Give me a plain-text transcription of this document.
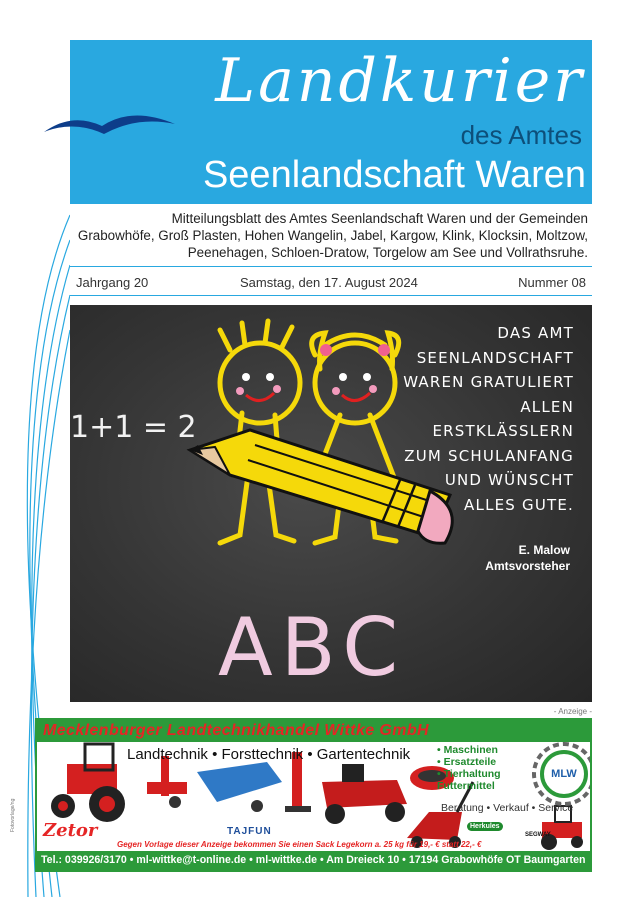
Landkurier
des Amtes
Seenlandschaft Waren
Mitteilungsblatt des Amtes Seenlandschaft Waren und der Gemeinden
Grabowhöfe, Groß Plasten, Hohen Wangelin, Jabel, Kargow, Klink, Klocksin, Moltzow,
Peenehagen, Schloen-Dratow, Torgelow am See und Vollrathsruhe.
Jahrgang 20	Samstag, den 17. August 2024	Nummer 08
1+1 = 2
ABC
DAS AMT
SEENLANDSCHAFT
WAREN GRATULIERT
ALLEN ERSTKLÄSSLERN
ZUM SCHULANFANG
UND WÜNSCHT
ALLES GUTE.
E. Malow
Amtsvorsteher
- Anzeige -
Mecklenburger Landtechnikhandel Wittke GmbH
Landtechnik • Forsttechnik • Gartentechnik	• Maschinen
• Ersatzteile
• Tierhaltung
Futtermittel
MLW
Beratung • Verkauf • Service
Zetor	TAJFUN	Herkules
SEGWAY
Gegen Vorlage dieser Anzeige bekommen Sie einen Sack Legekorn a. 25 kg für 19,- € statt 22,- €
Tel.: 039926/3170 • ml-wittke@t-online.de • ml-wittke.de • Am Dreieck 10 • 17194 Grabowhöfe OT Baumgarten
Fotovorlage/ng
